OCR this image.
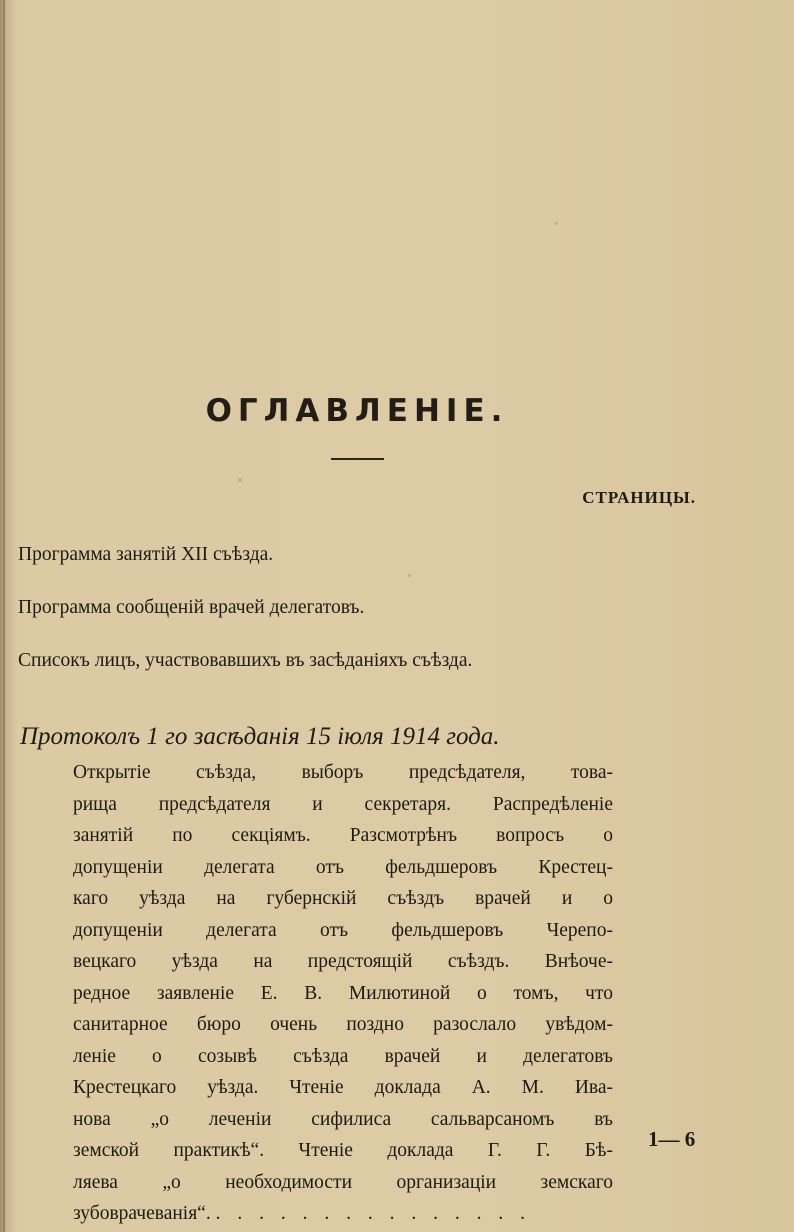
ОГЛАВЛЕНІЕ.
СТРАНИЦЫ.
Программа занятій XII съѣзда.
Программа сообщеній врачей делегатовъ.
Списокъ лицъ, участвовавшихъ въ засѣданіяхъ съѣзда.
Протоколъ 1 го засѣданія 15 іюля 1914 года.
Открытіе съѣзда, выборъ предсѣдателя, това-
рища предсѣдателя и секретаря. Распредѣленіе
занятій по секціямъ. Разсмотрѣнъ вопросъ о
допущеніи делегата отъ фельдшеровъ Крестец-
каго уѣзда на губернскій съѣздъ врачей и о
допущеніи делегата отъ фельдшеровъ Черепо-
вецкаго уѣзда на предстоящій съѣздъ. Внѣоче-
редное заявленіе Е. В. Милютиной о томъ, что
санитарное бюро очень поздно разослало увѣдом-
леніе о созывѣ съѣзда врачей и делегатовъ
Крестецкаго уѣзда. Чтеніе доклада А. М. Ива-
нова „о леченіи сифилиса сальварсаномъ въ
земской практикѣ“. Чтеніе доклада Г. Г. Бѣ-
ляева „о необходимости организаціи земскаго
зубоврачеванія“. . . . . . . . . . . . . . . .
1— 6
